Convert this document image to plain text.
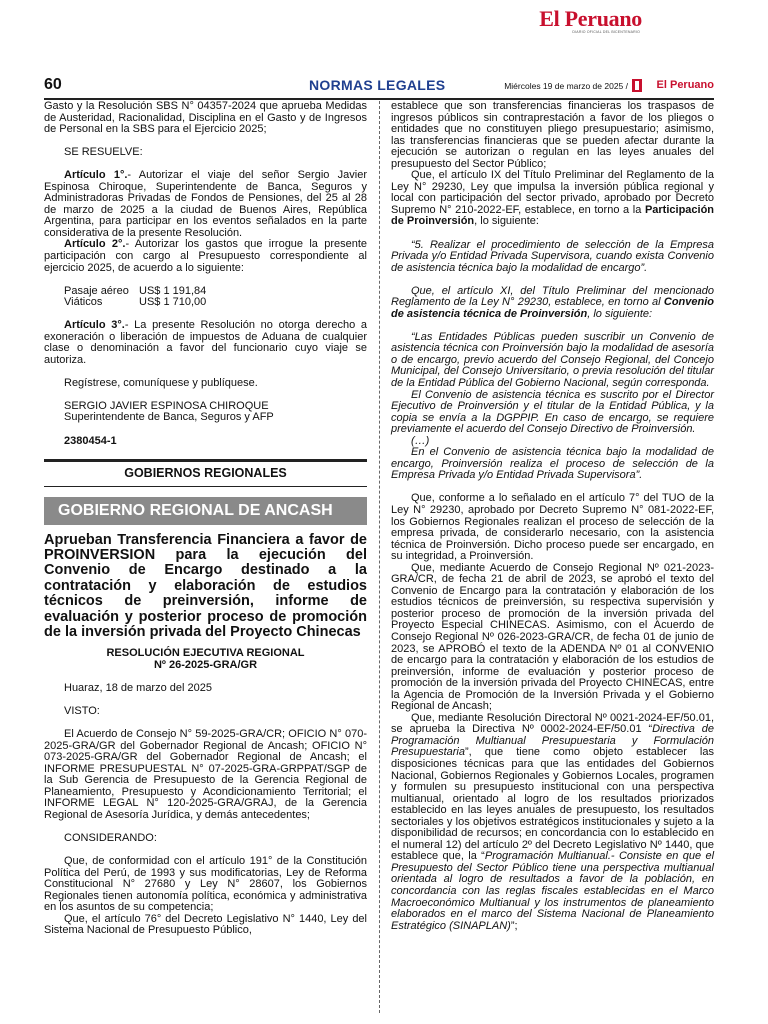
El Peruano
DIARIO OFICIAL DEL BICENTENARIO
60	NORMAS LEGALES	Miércoles 19 de marzo de 2025 /	El Peruano

Gasto y la Resolución SBS N° 04357-2024 que aprueba Medidas de Austeridad, Racionalidad, Disciplina en el Gasto y de Ingresos de Personal en la SBS para el Ejercicio 2025;

SE RESUELVE:

Artículo 1°.- Autorizar el viaje del señor Sergio Javier Espinosa Chiroque, Superintendente de Banca, Seguros y Administradoras Privadas de Fondos de Pensiones, del 25 al 28 de marzo de 2025 a la ciudad de Buenos Aires, República Argentina, para participar en los eventos señalados en la parte considerativa de la presente Resolución.

Artículo 2°.- Autorizar los gastos que irrogue la presente participación con cargo al Presupuesto correspondiente al ejercicio 2025, de acuerdo a lo siguiente:

Pasaje aéreo US$ 1 191,84
Viáticos	US$ 1 710,00

Artículo 3°.- La presente Resolución no otorga derecho a exoneración o liberación de impuestos de Aduana de cualquier clase o denominación a favor del funcionario cuyo viaje se autoriza.

Regístrese, comuníquese y publíquese.

SERGIO JAVIER ESPINOSA CHIROQUE

Superintendente de Banca, Seguros y AFP

2380454-1

GOBIERNOS REGIONALES
GOBIERNO REGIONAL DE ANCASH
Aprueban Transferencia Financiera a favor de PROINVERSION para la ejecución del Convenio de Encargo destinado a la contratación y elaboración de estudios técnicos de preinversión, informe de evaluación y posterior proceso de promoción de la inversión privada del Proyecto Chinecas
RESOLUCIÓN EJECUTIVA REGIONAL
Nº 26-2025-GRA/GR

Huaraz, 18 de marzo del 2025

VISTO:

El Acuerdo de Consejo N° 59-2025-GRA/CR; OFICIO N° 070-2025-GRA/GR del Gobernador Regional de Ancash; OFICIO N° 073-2025-GRA/GR del Gobernador Regional de Ancash; el INFORME PRESUPUESTAL N° 07-2025-GRA-GRPPAT/SGP de la Sub Gerencia de Presupuesto de la Gerencia Regional de Planeamiento, Presupuesto y Acondicionamiento Territorial; el INFORME LEGAL N° 120-2025-GRA/GRAJ, de la Gerencia Regional de Asesoría Jurídica, y demás antecedentes;

CONSIDERANDO:

Que, de conformidad con el artículo 191° de la Constitución Política del Perú, de 1993 y sus modificatorias, Ley de Reforma Constitucional N° 27680 y Ley N° 28607, los Gobiernos Regionales tienen autonomía política, económica y administrativa en los asuntos de su competencia;

Que, el artículo 76° del Decreto Legislativo N° 1440, Ley del Sistema Nacional de Presupuesto Público,

establece que son transferencias financieras los traspasos de ingresos públicos sin contraprestación a favor de los pliegos o entidades que no constituyen pliego presupuestario; asimismo, las transferencias financieras que se pueden afectar durante la ejecución se autorizan o regulan en las leyes anuales del presupuesto del Sector Público;

Que, el artículo IX del Título Preliminar del Reglamento de la Ley N° 29230, Ley que impulsa la inversión pública regional y local con participación del sector privado, aprobado por Decreto Supremo N° 210-2022-EF, establece, en torno a la Participación de Proinversión, lo siguiente:

“5. Realizar el procedimiento de selección de la Empresa Privada y/o Entidad Privada Supervisora, cuando exista Convenio de asistencia técnica bajo la modalidad de encargo”.

Que, el artículo XI, del Título Preliminar del mencionado Reglamento de la Ley N° 29230, establece, en torno al Convenio de asistencia técnica de Proinversión, lo siguiente:

“Las Entidades Públicas pueden suscribir un Convenio de asistencia técnica con Proinversión bajo la modalidad de asesoría o de encargo, previo acuerdo del Consejo Regional, del Concejo Municipal, del Consejo Universitario, o previa resolución del titular de la Entidad Pública del Gobierno Nacional, según corresponda.

El Convenio de asistencia técnica es suscrito por el Director Ejecutivo de Proinversión y el titular de la Entidad Pública, y la copia se envía a la DGPPIP. En caso de encargo, se requiere previamente el acuerdo del Consejo Directivo de Proinversión.

(…)

En el Convenio de asistencia técnica bajo la modalidad de encargo, Proinversión realiza el proceso de selección de la Empresa Privada y/o Entidad Privada Supervisora”.

Que, conforme a lo señalado en el artículo 7° del TUO de la Ley N° 29230, aprobado por Decreto Supremo N° 081-2022-EF, los Gobiernos Regionales realizan el proceso de selección de la empresa privada, de considerarlo necesario, con la asistencia técnica de Proinversión. Dicho proceso puede ser encargado, en su integridad, a Proinversión.

Que, mediante Acuerdo de Consejo Regional Nº 021-2023-GRA/CR, de fecha 21 de abril de 2023, se aprobó el texto del Convenio de Encargo para la contratación y elaboración de los estudios técnicos de preinversión, su respectiva supervisión y posterior proceso de promoción de la inversión privada del Proyecto Especial CHINECAS. Asimismo, con el Acuerdo de Consejo Regional Nº 026-2023-GRA/CR, de fecha 01 de junio de 2023, se APROBÓ el texto de la ADENDA Nº 01 al CONVENIO de encargo para la contratación y elaboración de los estudios de preinversión, informe de evaluación y posterior proceso de promoción de la inversión privada del Proyecto CHINECAS, entre la Agencia de Promoción de la Inversión Privada y el Gobierno Regional de Ancash;

Que, mediante Resolución Directoral Nº 0021-2024-EF/50.01, se aprueba la Directiva Nº 0002-2024-EF/50.01 “Directiva de Programación Multianual Presupuestaria y Formulación Presupuestaria”, que tiene como objeto establecer las disposiciones técnicas para que las entidades del Gobiernos Nacional, Gobiernos Regionales y Gobiernos Locales, programen y formulen su presupuesto institucional con una perspectiva multianual, orientado al logro de los resultados priorizados establecido en las leyes anuales de presupuesto, los resultados sectoriales y los objetivos estratégicos institucionales y sujeto a la disponibilidad de recursos; en concordancia con lo establecido en el numeral 12) del artículo 2º del Decreto Legislativo Nº 1440, que establece que, la “Programación Multianual.- Consiste en que el Presupuesto del Sector Público tiene una perspectiva multianual orientada al logro de resultados a favor de la población, en concordancia con las reglas fiscales establecidas en el Marco Macroeconómico Multianual y los instrumentos de planeamiento elaborados en el marco del Sistema Nacional de Planeamiento Estratégico (SINAPLAN)”;
